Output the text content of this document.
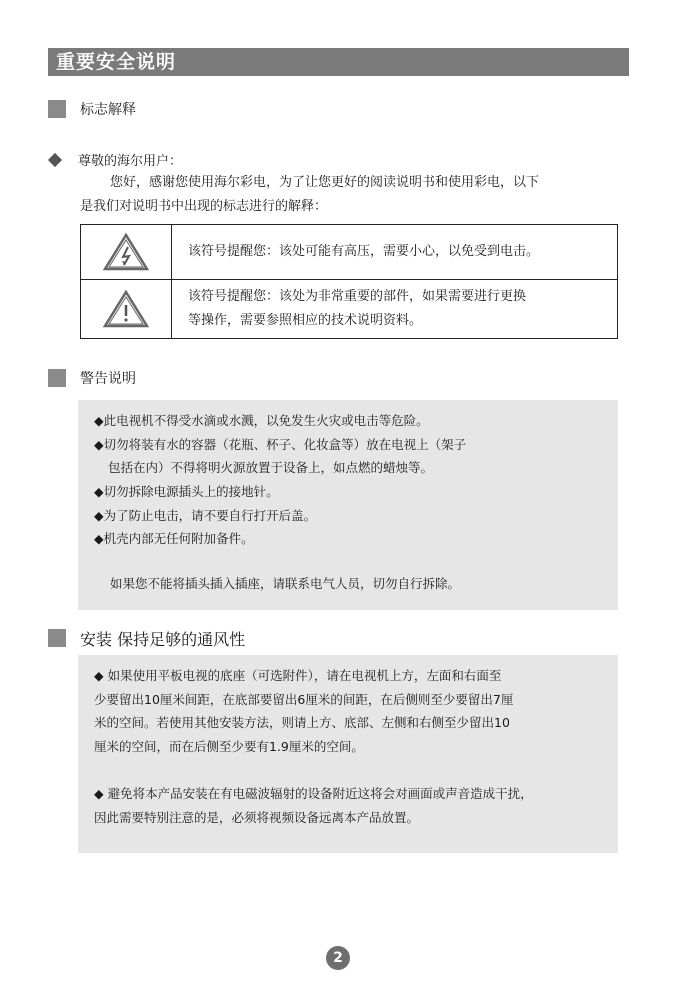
重要安全说明
标志解释
尊敬的海尔用户：
您好，感谢您使用海尔彩电，为了让您更好的阅读说明书和使用彩电，以下
是我们对说明书中出现的标志进行的解释：
	该符号提醒您：该处可能有高压，需要小心，以免受到电击。

该符号提醒您：该处为非常重要的部件，如果需要进行更换
等操作，需要参照相应的技术说明资料。
警告说明
◆此电视机不得受水滴或水溅，以免发生火灾或电击等危险。
◆切勿将装有水的容器（花瓶、杯子、化妆盒等）放在电视上（架子
包括在内）不得将明火源放置于设备上，如点燃的蜡烛等。
◆切勿拆除电源插头上的接地针。
◆为了防止电击，请不要自行打开后盖。
◆机壳内部无任何附加备件。
如果您不能将插头插入插座，请联系电气人员，切勿自行拆除。
安装 保持足够的通风性
◆ 如果使用平板电视的底座（可选附件），请在电视机上方，左面和右面至
少要留出10厘米间距，在底部要留出6厘米的间距，在后侧则至少要留出7厘
米的空间。若使用其他安装方法，则请上方、底部、左侧和右侧至少留出10
厘米的空间，而在后侧至少要有1.9厘米的空间。
◆ 避免将本产品安装在有电磁波辐射的设备附近这将会对画面或声音造成干扰，
因此需要特别注意的是，必须将视频设备远离本产品放置。
2
